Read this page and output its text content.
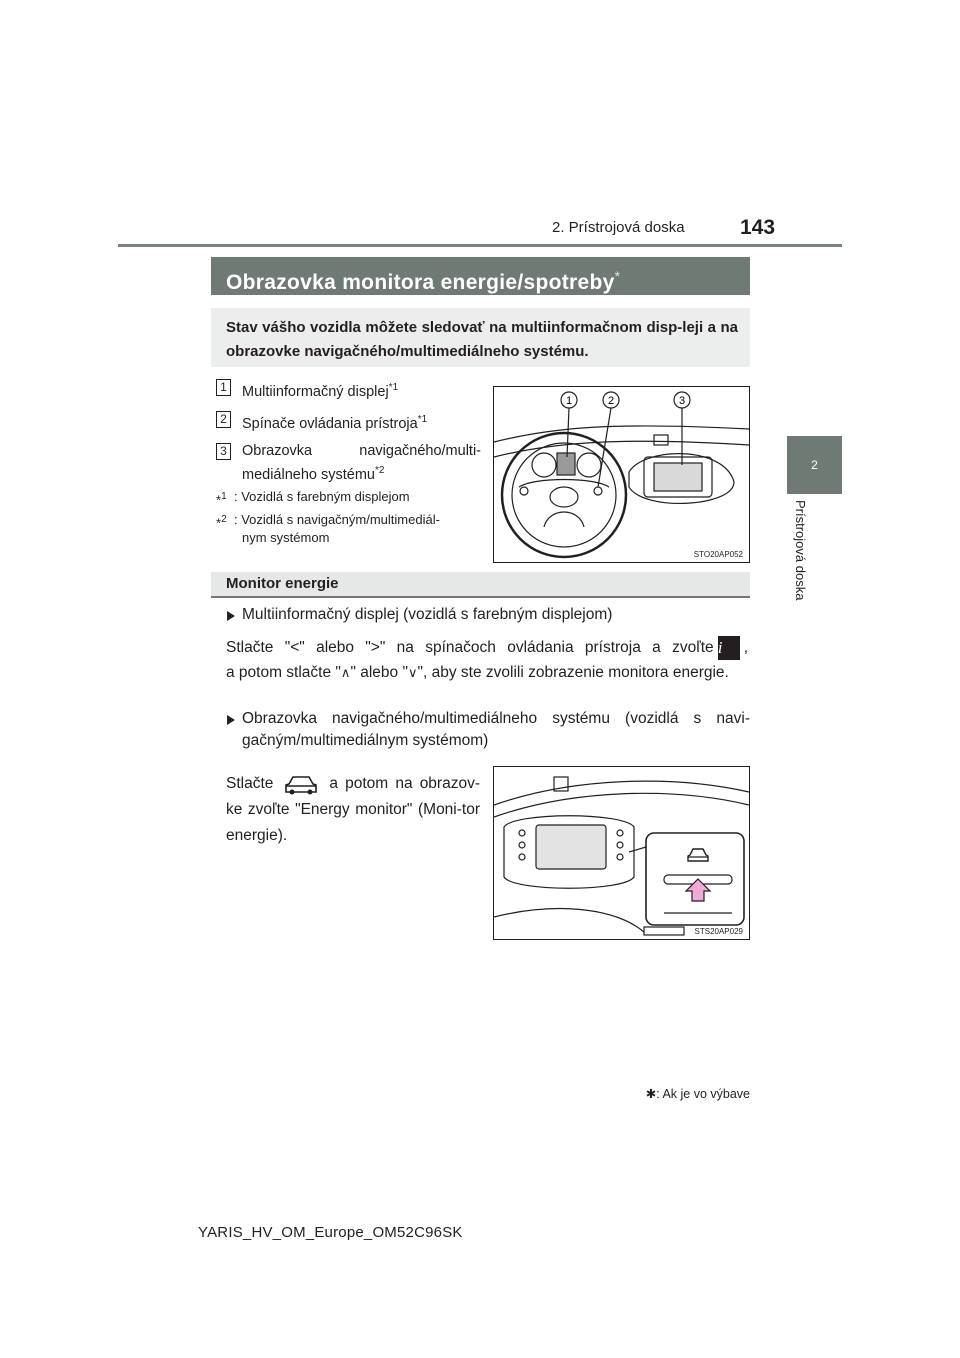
2. Prístrojová doska	143
2
Prístrojová doska
Obrazovka monitora energie/spotreby*
Stav vášho vozidla môžete sledovať na multiinformačnom disp-leji a na obrazovke navigačného/multimediálneho systému.
1 Multiinformačný displej$^{*1}$
2 Spínače ovládania prístroja$^{*1}$
3 Obrazovka navigačného/multi-
mediálneho systému$^{*2}$
*$^1$ : Vozidlá s farebným displejom
*$^2$ : Vozidlá s navigačným/multimediál-
nym systémom
1	2	3
STO20AP052
Monitor energie
Multiinformačný displej (vozidlá s farebným displejom)
Stlačte "<" alebo ">" na spínačoch ovládania prístroja a zvoľte i ,
a potom stlačte "∧" alebo "∨", aby ste zvolili zobrazenie monitora energie.
Obrazovka navigačného/multimediálneho systému (vozidlá s navi-gačným/multimediálnym systémom)
Stlačte	a potom na obrazov-ke zvoľte "Energy monitor" (Moni-tor energie).
STS20AP029
✱: Ak je vo výbave
YARIS_HV_OM_Europe_OM52C96SK
